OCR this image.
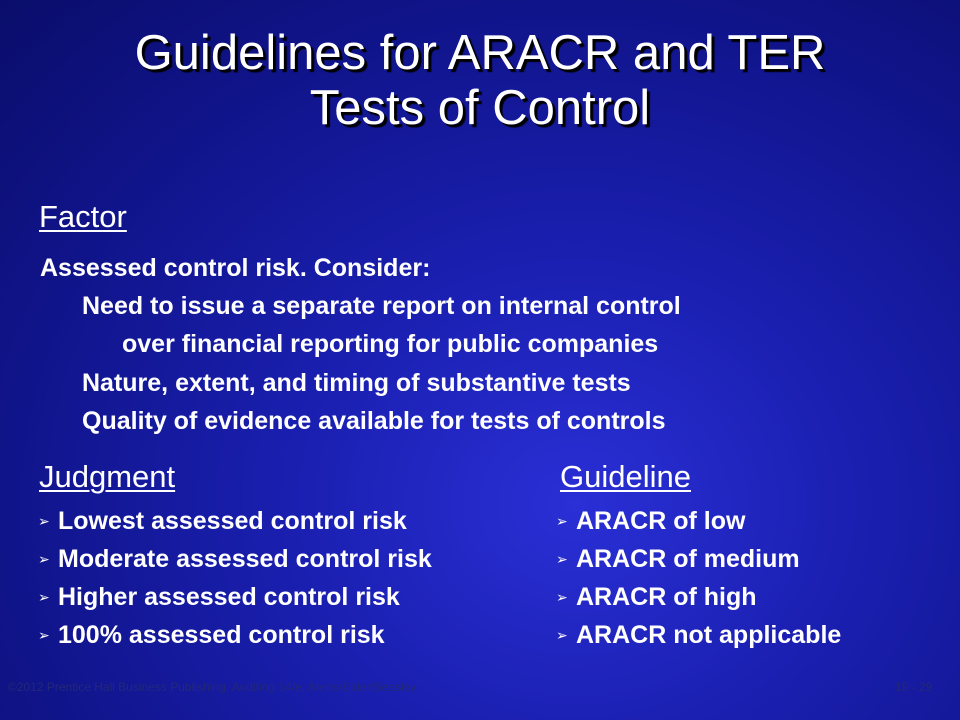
Guidelines for ARACR and TER
Tests of Control
Factor
Assessed control risk. Consider:
Need to issue a separate report on internal control
over financial reporting for public companies
Nature, extent, and timing of substantive tests
Quality of evidence available for tests of controls
Judgment	Guideline
➢ Lowest assessed control risk
➢ Moderate assessed control risk
➢ Higher assessed control risk
➢ 100% assessed control risk
➢ ARACR of low
➢ ARACR of medium
➢ ARACR of high
➢ ARACR not applicable
©2012 Prentice Hall Business Publishing, Auditing 14/e, Arens/Elder/Beasley	15 - 29
